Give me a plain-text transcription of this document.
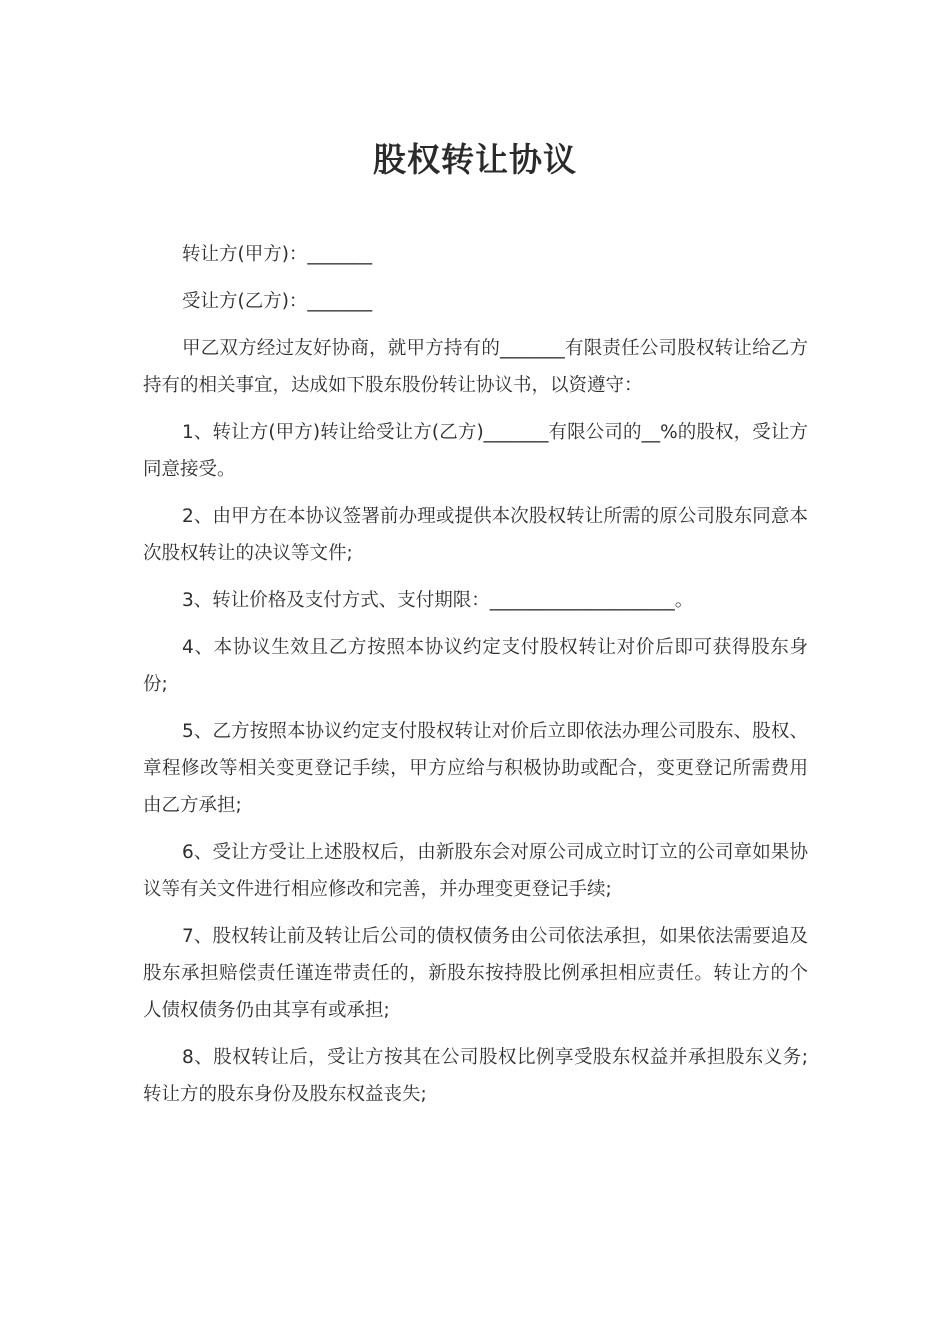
股权转让协议

转让方(甲方)：_______

受让方(乙方)：_______

甲乙双方经过友好协商，就甲方持有的_______有限责任公司股权转让给乙方持有的相关事宜，达成如下股东股份转让协议书，以资遵守：

1、转让方(甲方)转让给受让方(乙方)_______有限公司的__%的股权，受让方同意接受。

2、由甲方在本协议签署前办理或提供本次股权转让所需的原公司股东同意本次股权转让的决议等文件;

3、转让价格及支付方式、支付期限：____________________。

4、本协议生效且乙方按照本协议约定支付股权转让对价后即可获得股东身份;

5、乙方按照本协议约定支付股权转让对价后立即依法办理公司股东、股权、章程修改等相关变更登记手续，甲方应给与积极协助或配合，变更登记所需费用由乙方承担;

6、受让方受让上述股权后，由新股东会对原公司成立时订立的公司章如果协议等有关文件进行相应修改和完善，并办理变更登记手续;

7、股权转让前及转让后公司的债权债务由公司依法承担，如果依法需要追及股东承担赔偿责任谨连带责任的，新股东按持股比例承担相应责任。转让方的个人债权债务仍由其享有或承担;

8、股权转让后，受让方按其在公司股权比例享受股东权益并承担股东义务;转让方的股东身份及股东权益丧失;
